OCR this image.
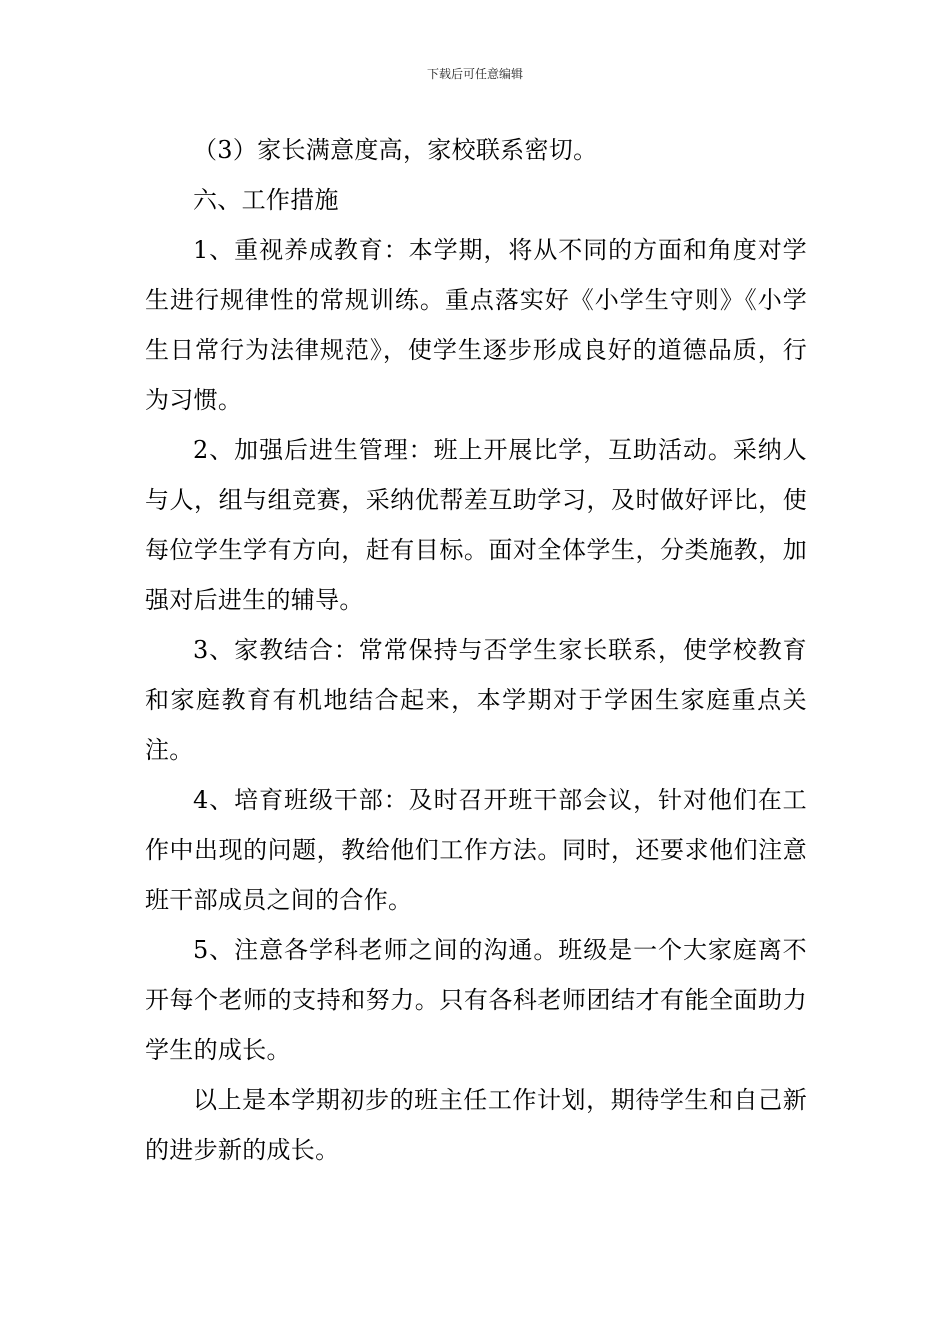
下载后可任意编辑

（3）家长满意度高，家校联系密切。

六、工作措施

1、重视养成教育：本学期，将从不同的方面和角度对学生进行规律性的常规训练。重点落实好《小学生守则》《小学生日常行为法律规范》，使学生逐步形成良好的道德品质，行为习惯。

2、加强后进生管理：班上开展比学，互助活动。采纳人与人，组与组竞赛，采纳优帮差互助学习，及时做好评比，使每位学生学有方向，赶有目标。面对全体学生，分类施教，加强对后进生的辅导。

3、家教结合：常常保持与否学生家长联系，使学校教育和家庭教育有机地结合起来，本学期对于学困生家庭重点关注。

4、培育班级干部：及时召开班干部会议，针对他们在工作中出现的问题，教给他们工作方法。同时，还要求他们注意班干部成员之间的合作。

5、注意各学科老师之间的沟通。班级是一个大家庭离不开每个老师的支持和努力。只有各科老师团结才有能全面助力学生的成长。

以上是本学期初步的班主任工作计划，期待学生和自己新的进步新的成长。
